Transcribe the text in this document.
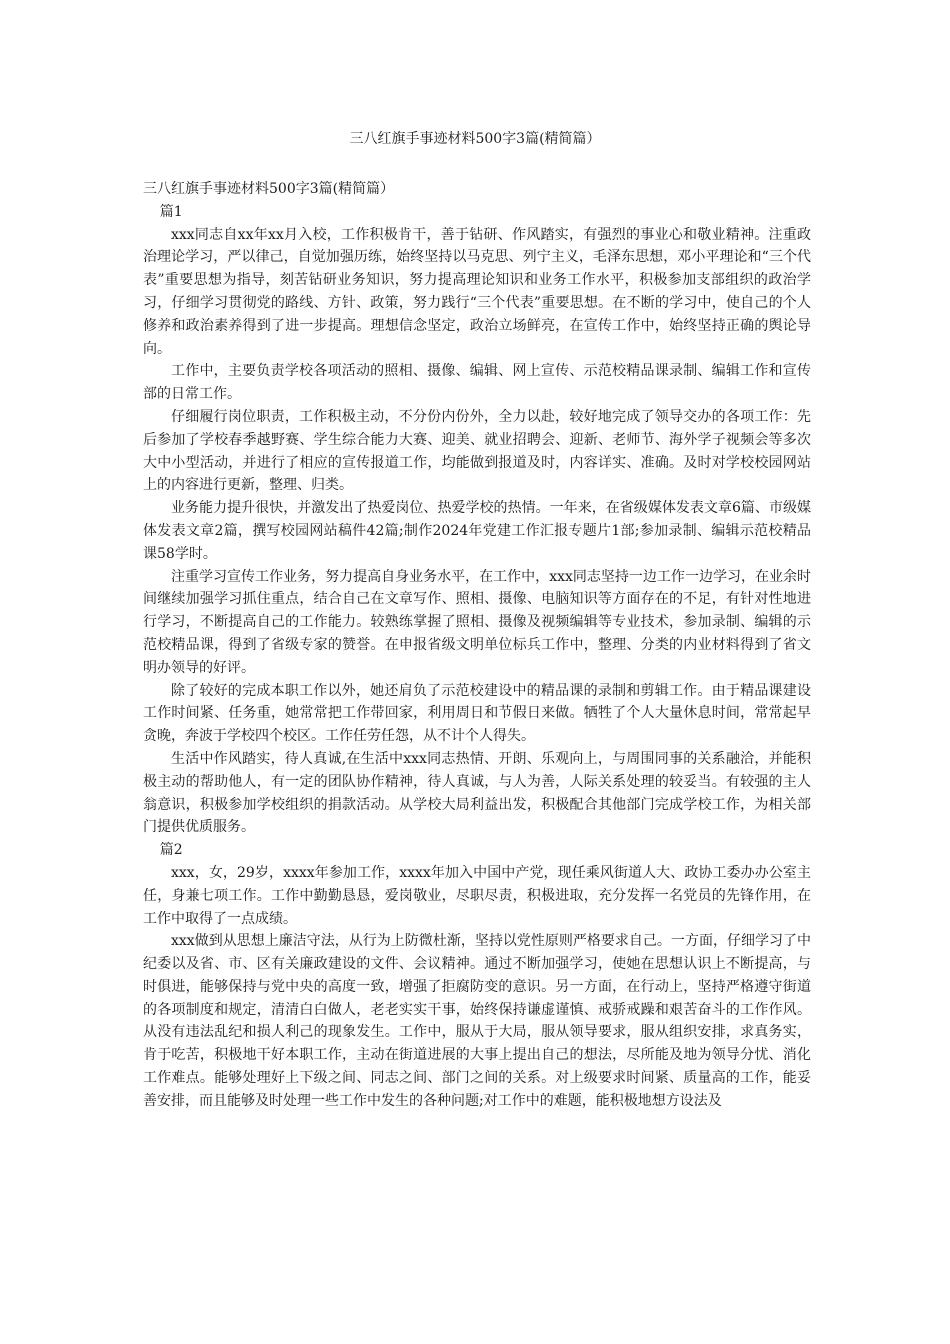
三八红旗手事迹材料500字3篇(精简篇）

三八红旗手事迹材料500字3篇(精简篇）

篇1

xxx同志自xx年xx月入校，工作积极肯干，善于钻研、作风踏实，有强烈的事业心和敬业精神。注重政治理论学习，严以律己，自觉加强历练，始终坚持以马克思、列宁主义，毛泽东思想，邓小平理论和“三个代表”重要思想为指导，刻苦钻研业务知识，努力提高理论知识和业务工作水平，积极参加支部组织的政治学习，仔细学习贯彻党的路线、方针、政策，努力践行“三个代表”重要思想。在不断的学习中，使自己的个人修养和政治素养得到了进一步提高。理想信念坚定，政治立场鲜亮，在宣传工作中，始终坚持正确的舆论导向。

工作中，主要负责学校各项活动的照相、摄像、编辑、网上宣传、示范校精品课录制、编辑工作和宣传部的日常工作。

仔细履行岗位职责，工作积极主动，不分份内份外，全力以赴，较好地完成了领导交办的各项工作：先后参加了学校春季越野赛、学生综合能力大赛、迎美、就业招聘会、迎新、老师节、海外学子视频会等多次大中小型活动，并进行了相应的宣传报道工作，均能做到报道及时，内容详实、准确。及时对学校校园网站上的内容进行更新，整理、归类。

业务能力提升很快，并激发出了热爱岗位、热爱学校的热情。一年来，在省级媒体发表文章6篇、市级媒体发表文章2篇，撰写校园网站稿件42篇;制作2024年党建工作汇报专题片1部;参加录制、编辑示范校精品课58学时。

注重学习宣传工作业务，努力提高自身业务水平，在工作中，xxx同志坚持一边工作一边学习，在业余时间继续加强学习抓住重点，结合自己在文章写作、照相、摄像、电脑知识等方面存在的不足，有针对性地进行学习，不断提高自己的工作能力。较熟练掌握了照相、摄像及视频编辑等专业技术，参加录制、编辑的示范校精品课，得到了省级专家的赞誉。在申报省级文明单位标兵工作中，整理、分类的内业材料得到了省文明办领导的好评。

除了较好的完成本职工作以外，她还肩负了示范校建设中的精品课的录制和剪辑工作。由于精品课建设工作时间紧、任务重，她常常把工作带回家，利用周日和节假日来做。牺牲了个人大量休息时间，常常起早贪晚，奔波于学校四个校区。工作任劳任怨，从不计个人得失。

生活中作风踏实，待人真诚,在生活中xxx同志热情、开朗、乐观向上，与周围同事的关系融洽，并能积极主动的帮助他人，有一定的团队协作精神，待人真诚，与人为善，人际关系处理的较妥当。有较强的主人翁意识，积极参加学校组织的捐款活动。从学校大局利益出发，积极配合其他部门完成学校工作，为相关部门提供优质服务。

篇2

xxx，女，29岁，xxxx年参加工作，xxxx年加入中国中产党，现任乘风街道人大、政协工委办办公室主任，身兼七项工作。工作中勤勤恳恳，爱岗敬业，尽职尽责，积极进取，充分发挥一名党员的先锋作用，在工作中取得了一点成绩。

xxx做到从思想上廉洁守法，从行为上防微杜渐，坚持以党性原则严格要求自己。一方面，仔细学习了中纪委以及省、市、区有关廉政建设的文件、会议精神。通过不断加强学习，使她在思想认识上不断提高，与时俱进，能够保持与党中央的高度一致，增强了拒腐防变的意识。另一方面，在行动上，坚持严格遵守街道的各项制度和规定，清清白白做人，老老实实干事，始终保持谦虚谨慎、戒骄戒躁和艰苦奋斗的工作作风。从没有违法乱纪和损人利己的现象发生。工作中，服从于大局，服从领导要求，服从组织安排，求真务实，肯于吃苦，积极地干好本职工作，主动在街道进展的大事上提出自己的想法，尽所能及地为领导分忧、消化工作难点。能够处理好上下级之间、同志之间、部门之间的关系。对上级要求时间紧、质量高的工作，能妥善安排，而且能够及时处理一些工作中发生的各种问题;对工作中的难题，能积极地想方设法及
